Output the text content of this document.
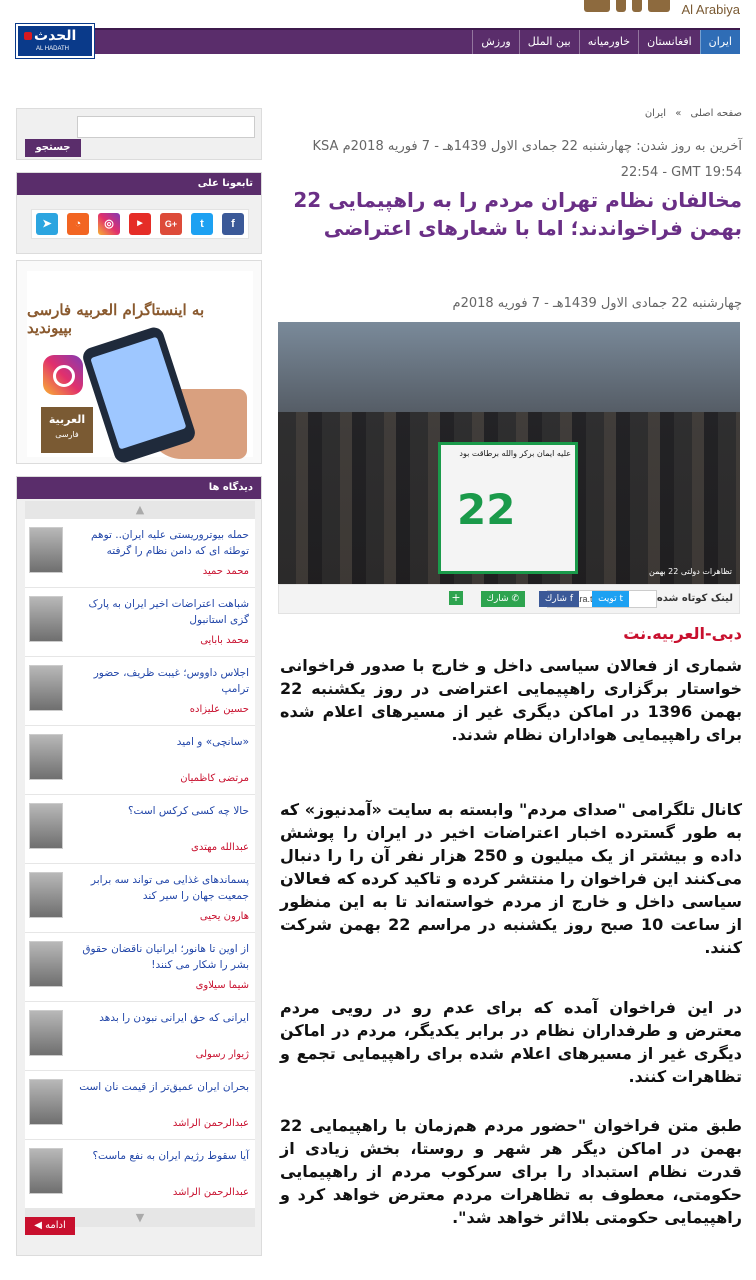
Al Arabiya
ایران
افغانستان
خاورمیانه
بین الملل
ورزش
الحدث
AL HADATH
جستجو
تابعونا على
f
t
G+
▶
◎
◔
➤
به اینستاگرام العربیه فارسی بپیوندید
العربية
فارسی
دیدگاه ها
▲
حمله بیوتروریستی علیه ایران.. توهم توطئه ای که دامن نظام را گرفته
محمد حمید
شباهت اعتراضات اخیر ایران به پارک گزی استانبول
محمد بابایی
اجلاس داووس؛ غیبت ظریف، حضور ترامپ
حسین علیزاده
«سانچی» و امید
مرتضی کاظمیان
حالا چه کسی کرکس است؟
عبدالله مهتدی
پسماندهای غذایی می تواند سه برابر جمعیت جهان را سیر کند
هارون یحیی
از اوین تا هانور؛ ایرانیان ناقضان حقوق بشر را شکار می کنند!
شیما سیلاوی
ایرانی که حق ایرانی نبودن را بدهد
ژیوار رسولی
بحران ایران عمیق‌تر از قیمت نان است
عبدالرحمن الراشد
آیا سقوط رژیم ایران به نفع ماست؟
عبدالرحمن الراشد
▼
◀ ادامه
صفحه اصلی » ایران
آخرین به روز شدن: چهارشنبه 22 جمادی الاول 1439هـ - 7 فوریه 2018م KSA 22:54 - GMT 19:54
مخالفان نظام تهران مردم را به راهپیمایی 22 بهمن فراخواندند؛ اما با شعارهای اعتراضی
چهارشنبه 22 جمادی الاول 1439هـ - 7 فوریه 2018م
علیه ایمان برکر والله برطاقت بود
22
تظاهرات دولتی 22 بهمن
لینک کوتاه شده
http://ara.tv/nt9pj
+	✆ شارك	f شارك	t تويت
دبی-العربیه.نت

شماری از فعالان سیاسی داخل و خارج با صدور فراخوانی خواستار برگزاری راهپیمایی اعتراضی در روز یکشنبه 22 بهمن 1396 در اماکن دیگری غیر از مسیرهای اعلام شده برای راهپیمایی هواداران نظام شدند.

کانال تلگرامی "صدای مردم" وابسته به سایت «آمدنیوز» که به طور گسترده اخبار اعتراضات اخیر در ایران را پوشش داده و بیشتر از یک میلیون و 250 هزار نفر آن را را دنبال می‌کنند این فراخوان را منتشر کرده و تاکید کرده که فعالان سیاسی داخل و خارج از مردم خواسته‌اند تا به این منظور از ساعت 10 صبح روز یکشنبه در مراسم 22 بهمن شرکت کنند.

در این فراخوان آمده که برای عدم رو در رویی مردم معترض و طرفداران نظام در برابر یکدیگر، مردم در اماکن دیگری غیر از مسیرهای اعلام شده برای راهپیمایی تجمع و تظاهرات کنند.

طبق متن فراخوان "حضور مردم هم‌زمان با راهپیمایی 22 بهمن در اماکن دیگر هر شهر و روستا، بخش زیادی از قدرت نظام استبداد را برای سرکوب مردم از راهپیمایی حکومتی، معطوف به تظاهرات مردم معترض خواهد کرد و راهپیمایی حکومتی بلااثر خواهد شد".
